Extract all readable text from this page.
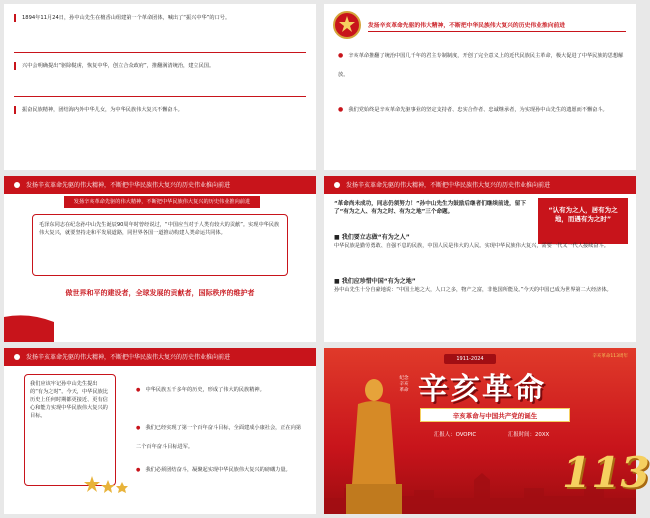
1894年11月24日，孙中山先生在檀香山组建第一个革命团体，喊出了“振兴中华”的口号。
兴中会明确提出“驱除鞑虏，恢复中华，创立合众政府”，推翻满清统治，建立民国。
振奋民族精神，团结海内外中华儿女，为中华民族伟大复兴不懈奋斗。
发扬辛亥革命先驱的伟大精神，不断把中华民族伟大复兴的历史伟业推向前进
● 辛亥革命推翻了统治中国几千年的君主专制制度，开创了完全意义上的近代民族民主革命，极大促进了中华民族的思想解放。
● 我们党始终是辛亥革命先驱事业的坚定支持者、忠实合作者、忠诚继承者，为实现孙中山先生的遗愿而不懈奋斗。
发扬辛亥革命先驱的伟大精神，不断把中华民族伟大复兴的历史伟业推向前进
发扬辛亥革命先驱的伟大精神，不断把中华民族伟大复兴的历史伟业推向前进
毛泽东同志在纪念孙中山先生诞辰90周年时曾经说过，“中国应当对于人类有较大的贡献”。实现中华民族伟大复兴，就要坚持走和平发展道路，同世界各国一道推动构建人类命运共同体。
做世界和平的建设者，全球发展的贡献者，国际秩序的维护者
发扬辛亥革命先驱的伟大精神，不断把中华民族伟大复兴的历史伟业推向前进
“革命尚未成功，同志仍须努力！”孙中山先生为鼓励后继者们继续前进，留下了“有为之人、有为之时、有为之地”三个命题。	“认有为之人，居有为之地，而遇有为之时”
■ 我们要立志做“有为之人”
中华民族是勤劳勇敢、自强不息的民族，中国人民是伟大的人民。实现中华民族伟大复兴，需要一代又一代人接续奋斗。
■ 我们应珍惜中国“有为之地”
孙中山先生十分自豪地说：“中国土地之大，人口之多，物产之富，非他国所能及。”今天的中国已成为世界第二大经济体。
发扬辛亥革命先驱的伟大精神，不断把中华民族伟大复兴的历史伟业推向前进
我们应该牢记孙中山先生提出的“有为之时”。今天，中华民族比历史上任何时期都更接近、更有信心和能力实现中华民族伟大复兴的目标。
● 中华民族五千多年的历史，形成了伟大的民族精神。
● 我们已经实现了第一个百年奋斗目标，全面建成小康社会，正在向第二个百年奋斗目标进军。
● 我们必须团结奋斗，凝聚起实现中华民族伟大复兴的磅礴力量。
纪念辛亥革命
辛亥革命113周年
1911-2024
辛亥革命
辛亥革命与中国共产党的诞生
汇报人：OVOPIC	汇报时间：20XX
113
